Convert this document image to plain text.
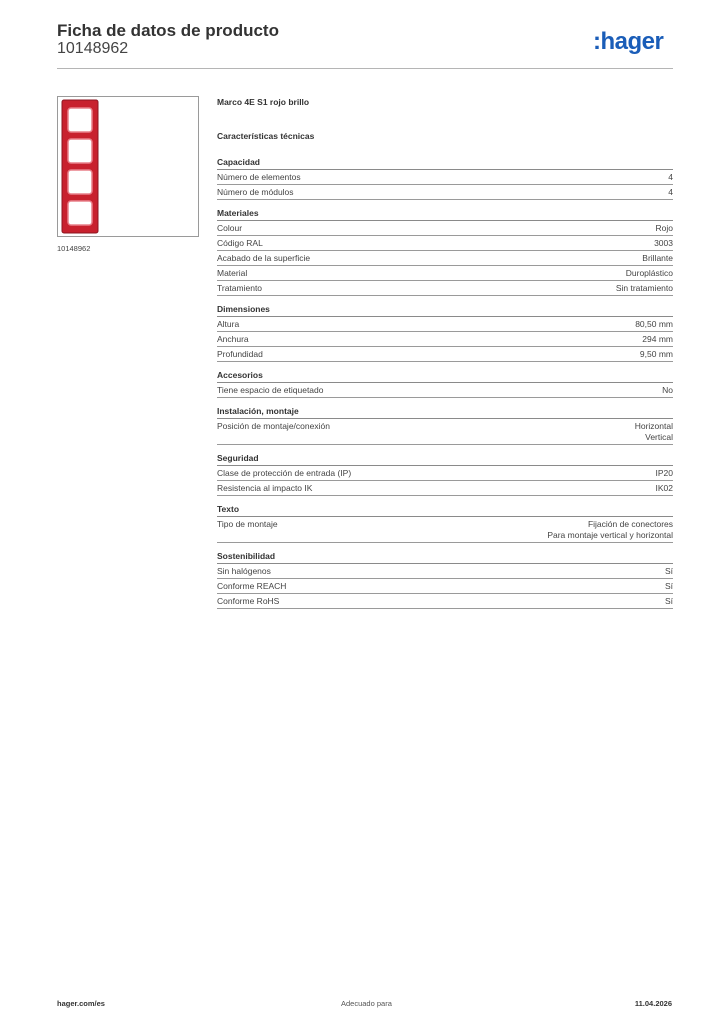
Ficha de datos de producto
10148962	:hager
10148962
Marco 4E S1 rojo brillo
Características técnicas
Capacidad
Número de elementos	4
Número de módulos	4
Materiales
Colour	Rojo
Código RAL	3003
Acabado de la superficie	Brillante
Material	Duroplástico
Tratamiento	Sin tratamiento
Dimensiones
Altura	80,50 mm
Anchura	294 mm
Profundidad	9,50 mm
Accesorios
Tiene espacio de etiquetado	No
Instalación, montaje
Posición de montaje/conexión	Horizontal
Vertical
Seguridad
Clase de protección de entrada (IP)	IP20
Resistencia al impacto IK	IK02
Texto
Tipo de montaje	Fijación de conectores
Para montaje vertical y horizontal
Sostenibilidad
Sin halógenos	Sí
Conforme REACH	Sí
Conforme RoHS	Sí
hager.com/es	Adecuado para	11.04.2026
